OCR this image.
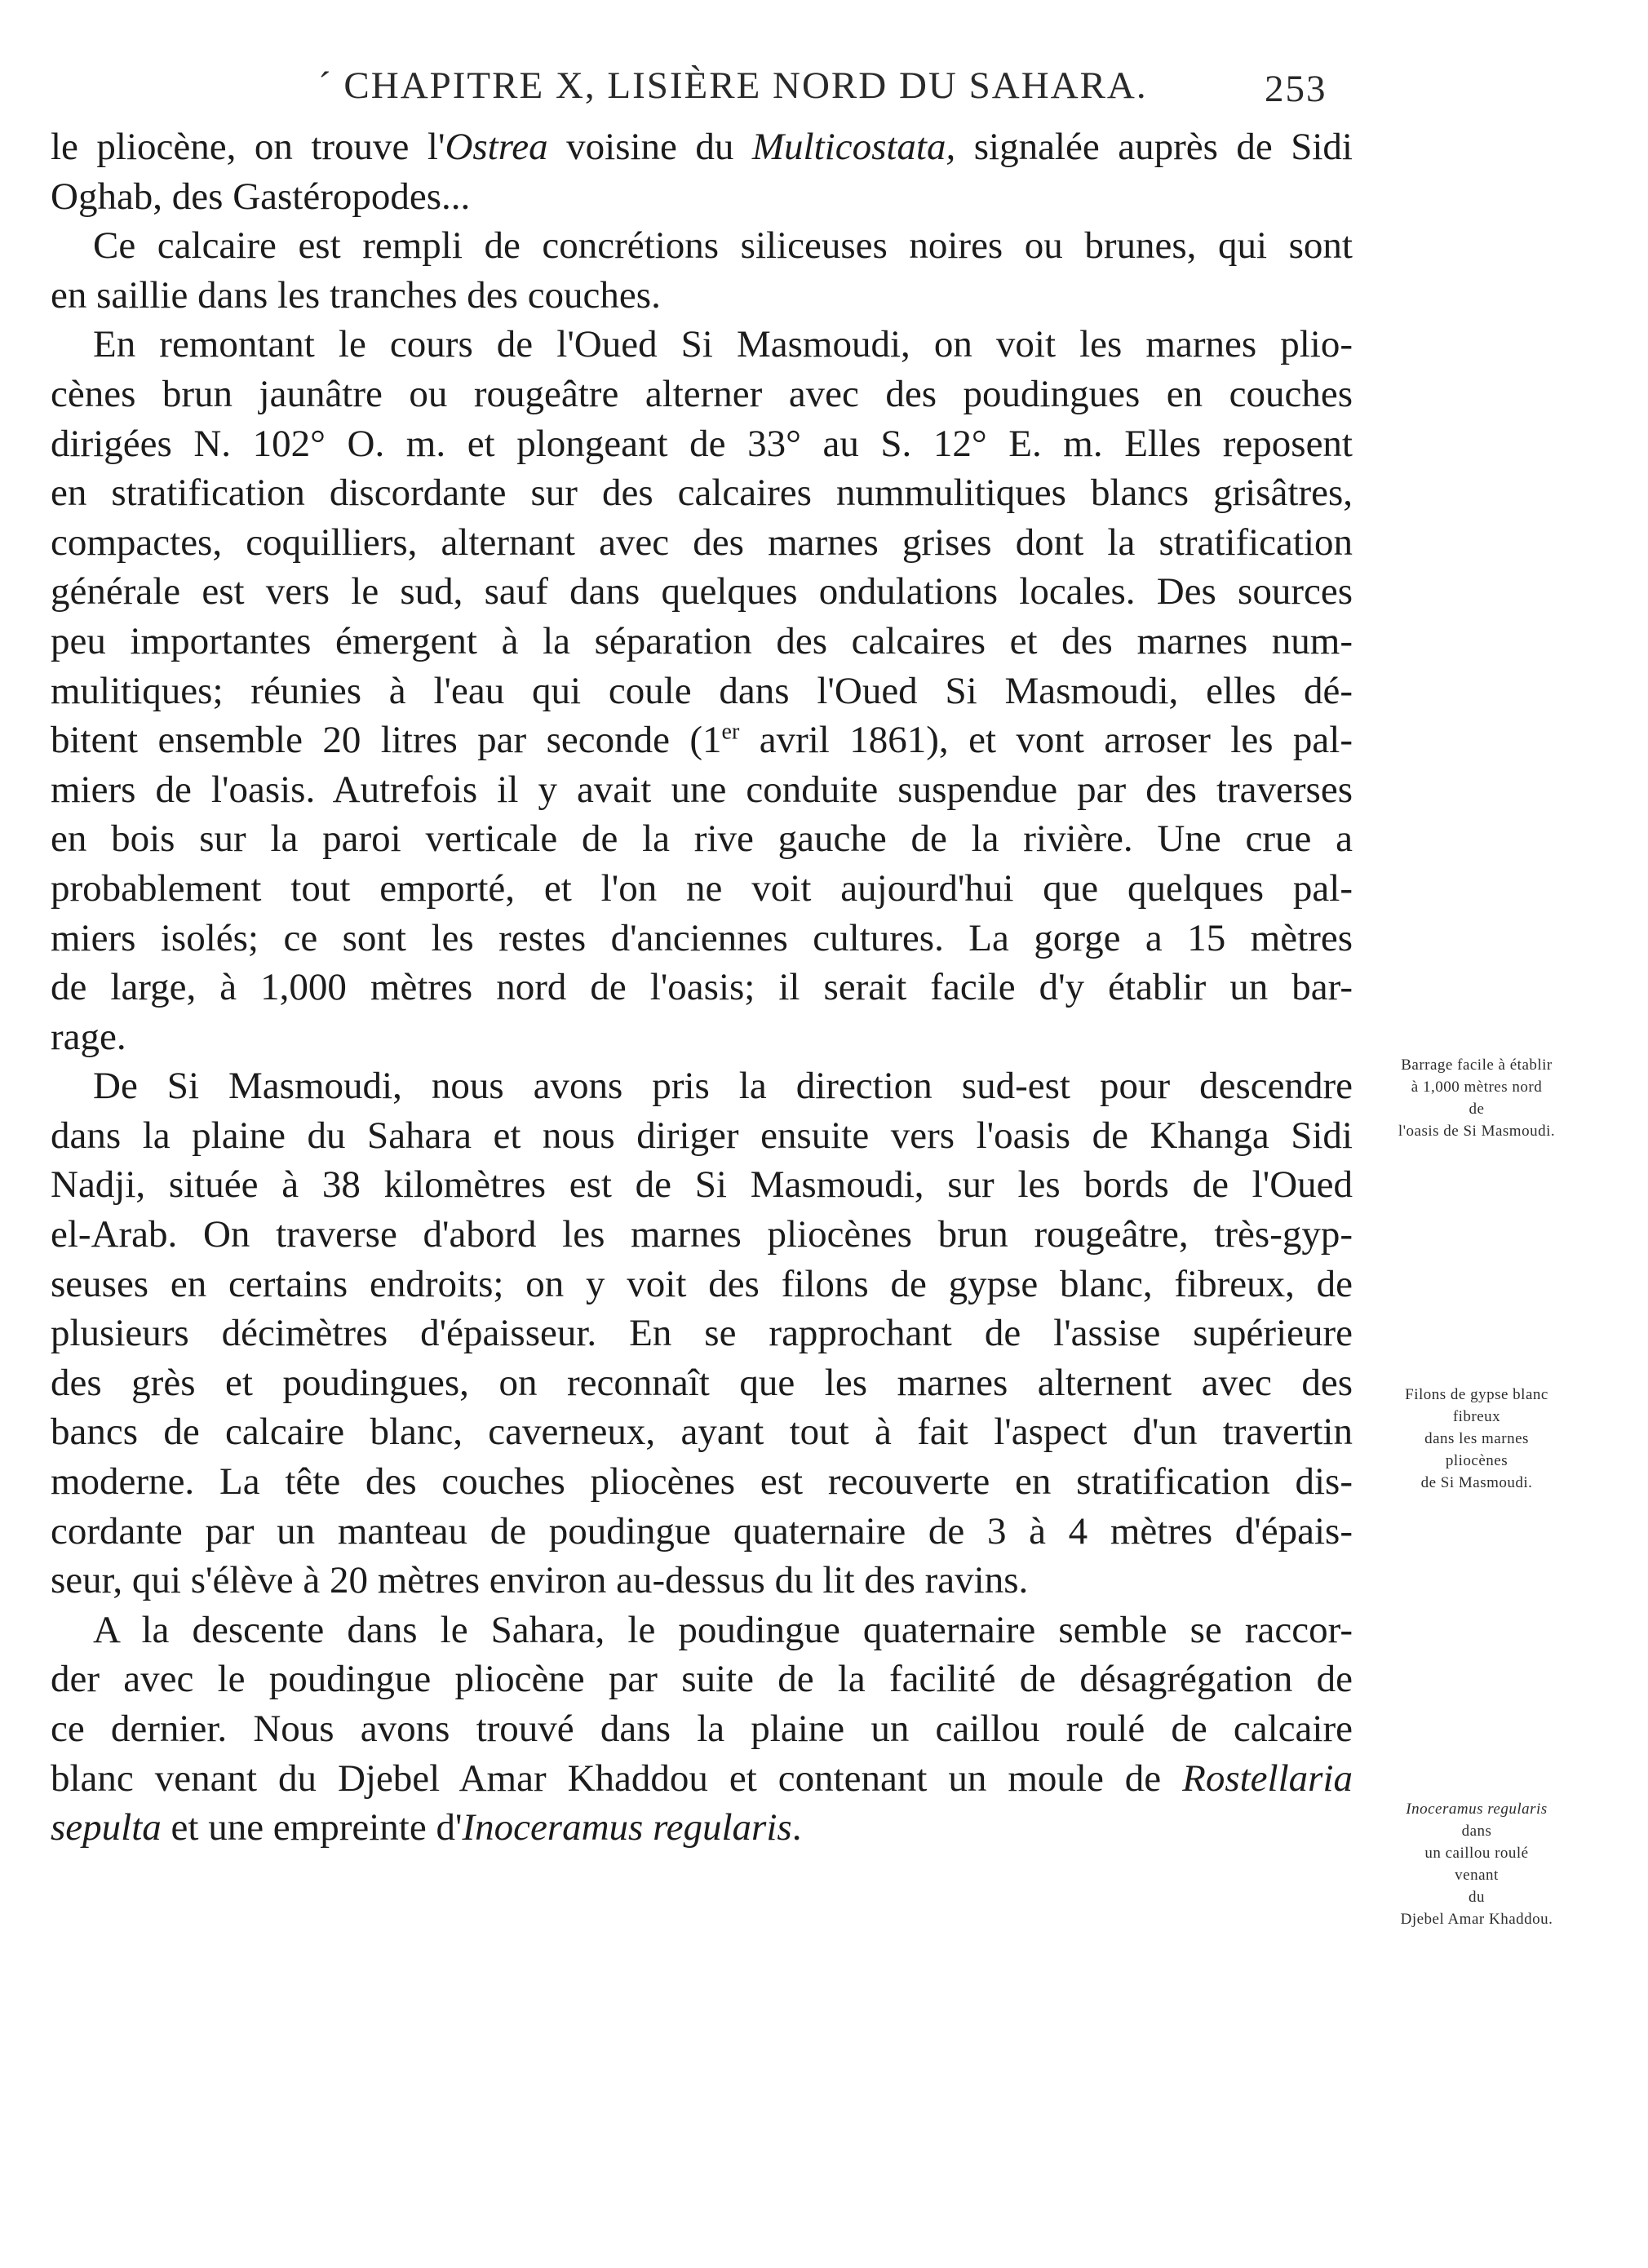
´ CHAPITRE X, LISIÈRE NORD DU SAHARA.	253
le pliocène, on trouve l'Ostrea voisine du Multicostata, signalée auprès de Sidi
Oghab, des Gastéropodes...
Ce calcaire est rempli de concrétions siliceuses noires ou brunes, qui sont
en saillie dans les tranches des couches.
En remontant le cours de l'Oued Si Masmoudi, on voit les marnes plio-
cènes brun jaunâtre ou rougeâtre alterner avec des poudingues en couches
dirigées N. 102° O. m. et plongeant de 33° au S. 12° E. m. Elles reposent
en stratification discordante sur des calcaires nummulitiques blancs grisâtres,
compactes, coquilliers, alternant avec des marnes grises dont la stratification
générale est vers le sud, sauf dans quelques ondulations locales. Des sources
peu importantes émergent à la séparation des calcaires et des marnes num-
mulitiques; réunies à l'eau qui coule dans l'Oued Si Masmoudi, elles dé-
bitent ensemble 20 litres par seconde (1er avril 1861), et vont arroser les pal-
miers de l'oasis. Autrefois il y avait une conduite suspendue par des traverses
en bois sur la paroi verticale de la rive gauche de la rivière. Une crue a
probablement tout emporté, et l'on ne voit aujourd'hui que quelques pal-
miers isolés; ce sont les restes d'anciennes cultures. La gorge a 15 mètres
de large, à 1,000 mètres nord de l'oasis; il serait facile d'y établir un bar-
rage.
De Si Masmoudi, nous avons pris la direction sud-est pour descendre
dans la plaine du Sahara et nous diriger ensuite vers l'oasis de Khanga Sidi
Nadji, située à 38 kilomètres est de Si Masmoudi, sur les bords de l'Oued
el-Arab. On traverse d'abord les marnes pliocènes brun rougeâtre, très-gyp-
seuses en certains endroits; on y voit des filons de gypse blanc, fibreux, de
plusieurs décimètres d'épaisseur. En se rapprochant de l'assise supérieure
des grès et poudingues, on reconnaît que les marnes alternent avec des
bancs de calcaire blanc, caverneux, ayant tout à fait l'aspect d'un travertin
moderne. La tête des couches pliocènes est recouverte en stratification dis-
cordante par un manteau de poudingue quaternaire de 3 à 4 mètres d'épais-
seur, qui s'élève à 20 mètres environ au-dessus du lit des ravins.
A la descente dans le Sahara, le poudingue quaternaire semble se raccor-
der avec le poudingue pliocène par suite de la facilité de désagrégation de
ce dernier. Nous avons trouvé dans la plaine un caillou roulé de calcaire
blanc venant du Djebel Amar Khaddou et contenant un moule de Rostellaria
sepulta et une empreinte d'Inoceramus regularis.
Barrage facile à établir
à 1,000 mètres nord
de
l'oasis de Si Masmoudi.
Filons de gypse blanc
fibreux
dans les marnes
pliocènes
de Si Masmoudi.
Inoceramus regularis
dans
un caillou roulé
venant
du
Djebel Amar Khaddou.
